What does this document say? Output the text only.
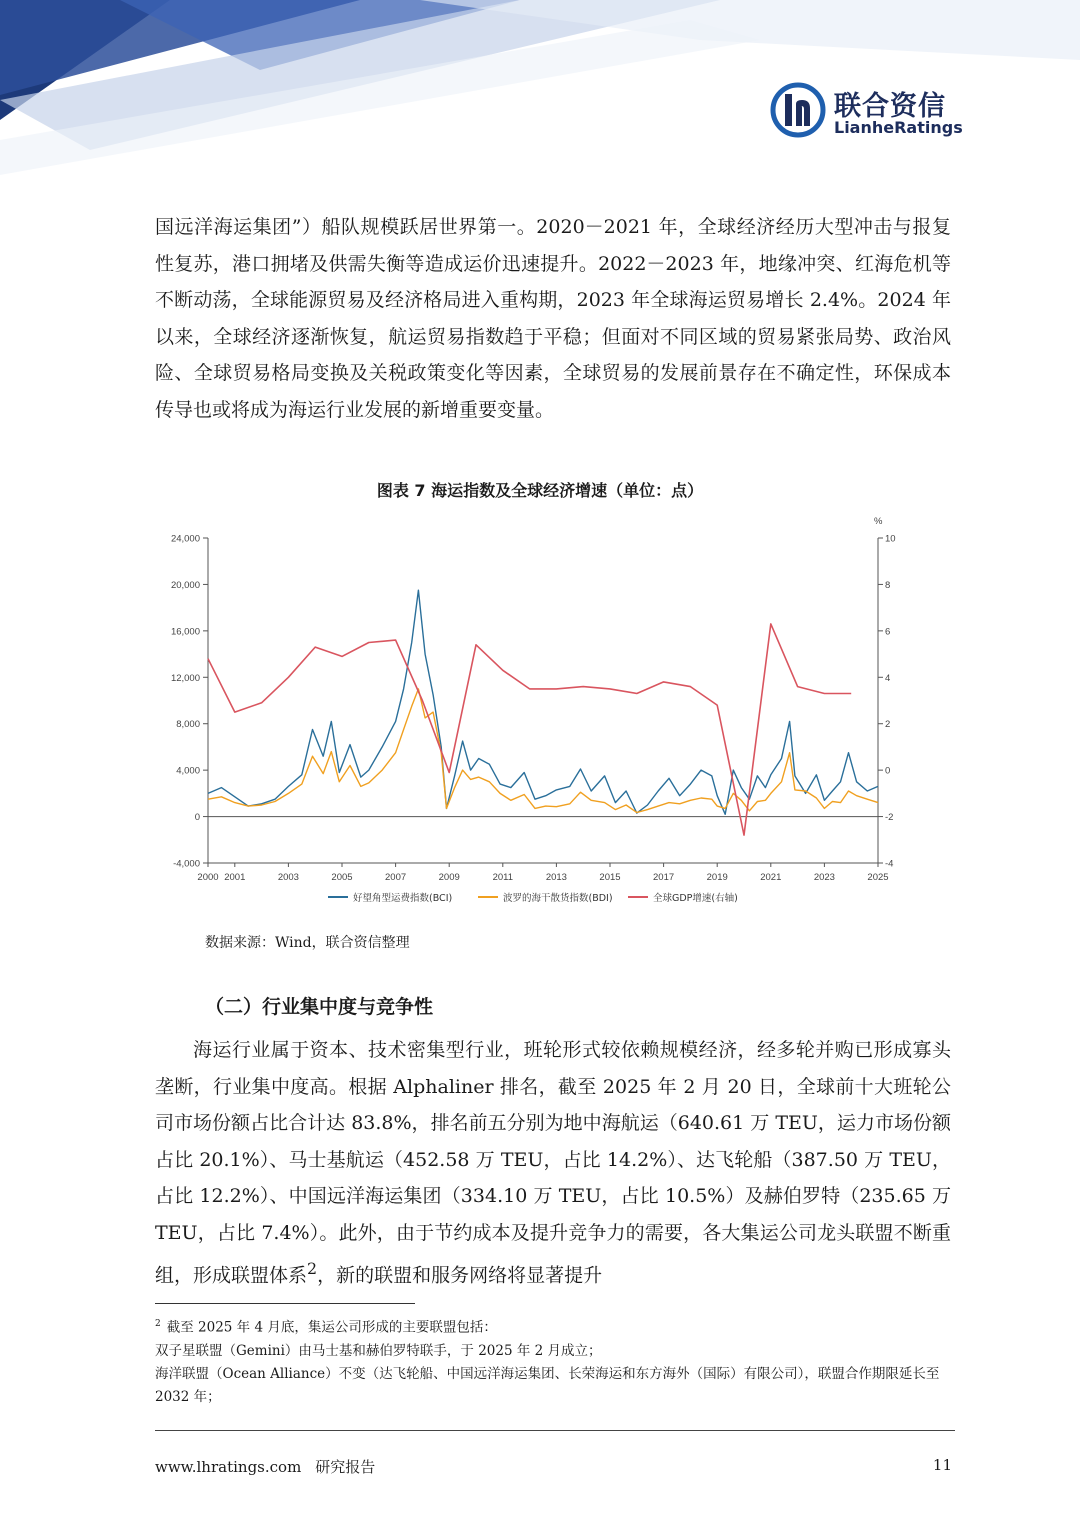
联合资信
LianheRatings

国远洋海运集团”）船队规模跃居世界第一。2020－2021 年，全球经济经历大型冲击与报复性复苏，港口拥堵及供需失衡等造成运价迅速提升。2022－2023 年，地缘冲突、红海危机等不断动荡，全球能源贸易及经济格局进入重构期，2023 年全球海运贸易增长 2.4%。2024 年以来，全球经济逐渐恢复，航运贸易指数趋于平稳；但面对不同区域的贸易紧张局势、政治风险、全球贸易格局变换及关税政策变化等因素，全球贸易的发展前景存在不确定性，环保成本传导也或将成为海运行业发展的新增重要变量。

图表 7 海运指数及全球经济增速（单位：点）
-4,000
0
4,000
8,000
12,000
16,000
20,000
24,000
-4
-2
0
2
4
6
8
10
%
2000 2001	2003	2005	2007	2009	2011	2013	2015	2017	2019	2021	2023	2025
好望角型运费指数(BCI)	波罗的海干散货指数(BDI)	全球GDP增速(右轴)
数据来源：Wind，联合资信整理
（二）行业集中度与竞争性

海运行业属于资本、技术密集型行业，班轮形式较依赖规模经济，经多轮并购已形成寡头垄断，行业集中度高。根据 Alphaliner 排名，截至 2025 年 2 月 20 日，全球前十大班轮公司市场份额占比合计达 83.8%，排名前五分别为地中海航运（640.61 万 TEU，运力市场份额占比 20.1%）、马士基航运（452.58 万 TEU，占比 14.2%）、达飞轮船（387.50 万 TEU，占比 12.2%）、中国远洋海运集团（334.10 万 TEU，占比 10.5%）及赫伯罗特（235.65 万 TEU，占比 7.4%）。此外，由于节约成本及提升竞争力的需要，各大集运公司龙头联盟不断重组，形成联盟体系$^2$，新的联盟和服务网络将显著提升

$^2$ 截至 2025 年 4 月底，集运公司形成的主要联盟包括：

双子星联盟（Gemini）由马士基和赫伯罗特联手，于 2025 年 2 月成立；

海洋联盟（Ocean Alliance）不变（达飞轮船、中国远洋海运集团、长荣海运和东方海外（国际）有限公司），联盟合作期限延长至 2032 年；

www.lhratings.com 研究报告	11
